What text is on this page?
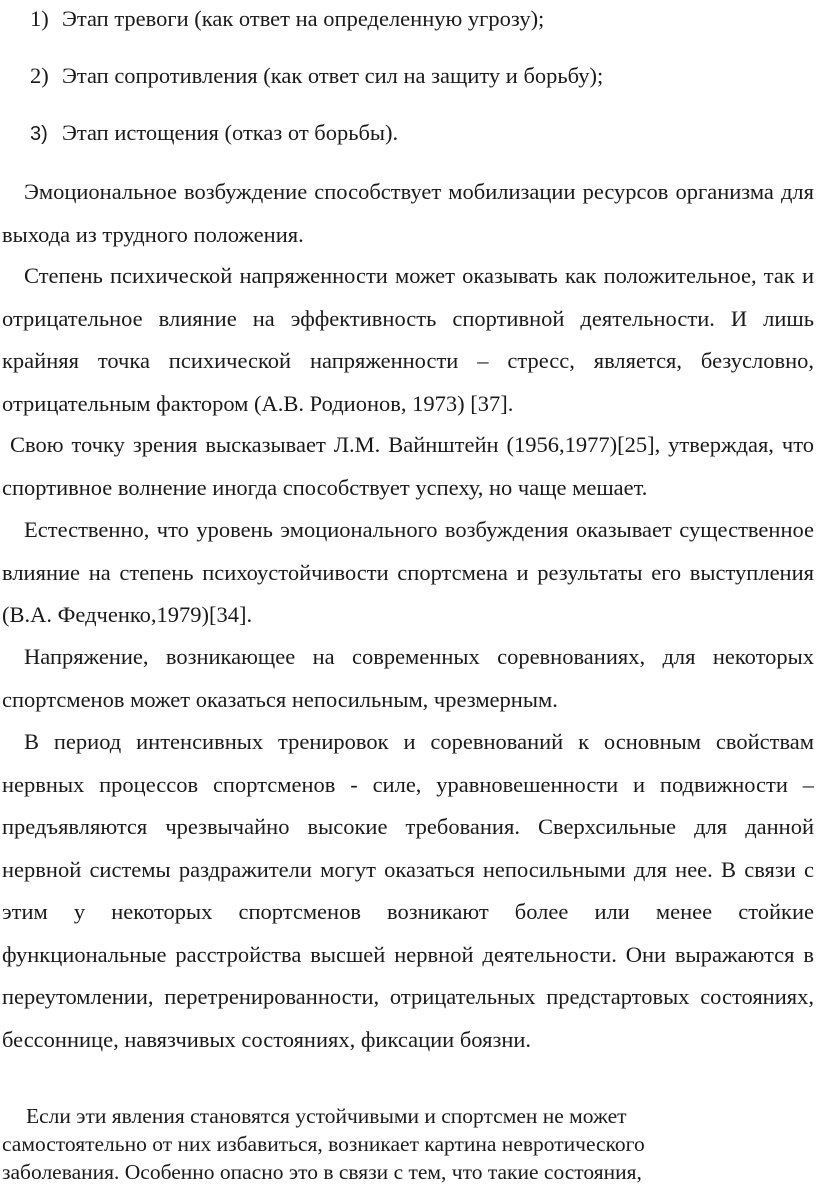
1) Этап тревоги (как ответ на определенную угрозу);
2) Этап сопротивления (как ответ сил на защиту и борьбу);
3) Этап истощения (отказ от борьбы).

Эмоциональное возбуждение способствует мобилизации ресурсов организма для выхода из трудного положения.

Степень психической напряженности может оказывать как положительное, так и отрицательное влияние на эффективность спортивной деятельности. И лишь крайняя точка психической напряженности – стресс, является, безусловно, отрицательным фактором (А.В. Родионов, 1973) [37].

Свою точку зрения высказывает Л.М. Вайнштейн (1956,1977)[25], утверждая, что спортивное волнение иногда способствует успеху, но чаще мешает.

Естественно, что уровень эмоционального возбуждения оказывает существенное влияние на степень психоустойчивости спортсмена и результаты его выступления (В.А. Федченко,1979)[34].

Напряжение, возникающее на современных соревнованиях, для некоторых спортсменов может оказаться непосильным, чрезмерным.

В период интенсивных тренировок и соревнований к основным свойствам нервных процессов спортсменов - силе, уравновешенности и подвижности – предъявляются чрезвычайно высокие требования. Сверхсильные для данной нервной системы раздражители могут оказаться непосильными для нее. В связи с этим у некоторых спортсменов возникают более или менее стойкие функциональные расстройства высшей нервной деятельности. Они выражаются в переутомлении, перетренированности, отрицательных предстартовых состояниях, бессоннице, навязчивых состояниях, фиксации боязни.

Если эти явления становятся устойчивыми и спортсмен не может самостоятельно от них избавиться, возникает картина невротического заболевания. Особенно опасно это в связи с тем, что такие состояния,
